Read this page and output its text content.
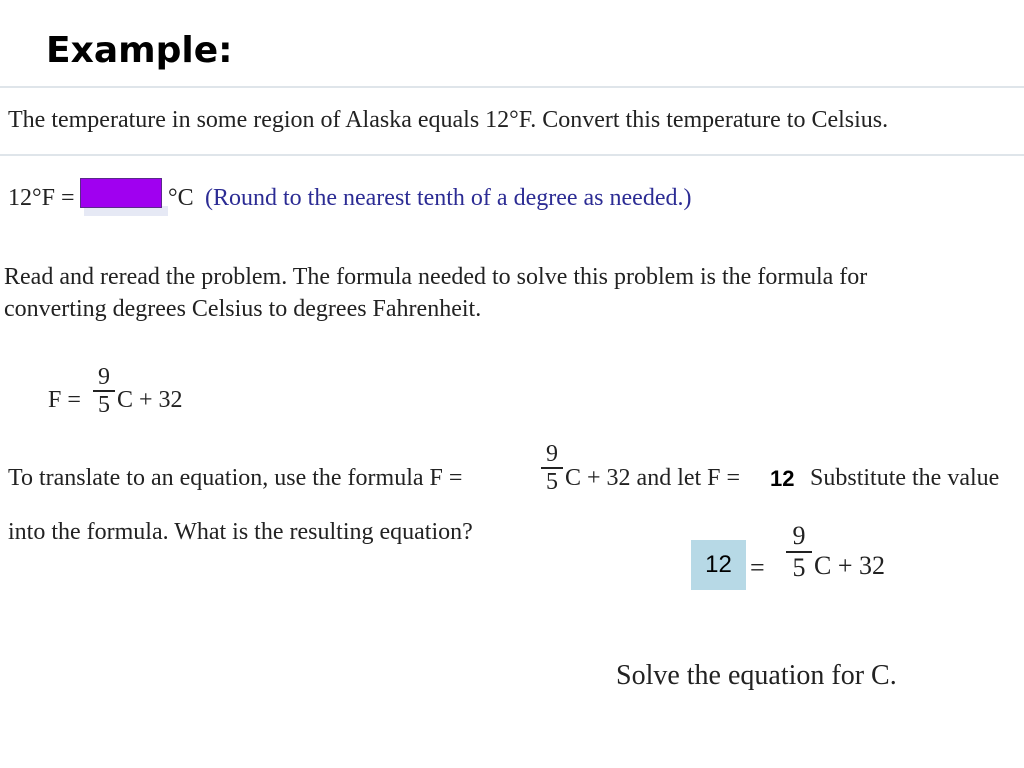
Example:
The temperature in some region of Alaska equals 12°F. Convert this temperature to Celsius.
12°F =	°C (Round to the nearest tenth of a degree as needed.)
Read and reread the problem. The formula needed to solve this problem is the formula for
converting degrees Celsius to degrees Fahrenheit.
F =
9
5 C + 32
To translate to an equation, use the formula F =
9
5 C + 32 and let F = 12 Substitute the value
into the formula. What is the resulting equation?
12 =
9
5 C + 32
Solve the equation for C.
